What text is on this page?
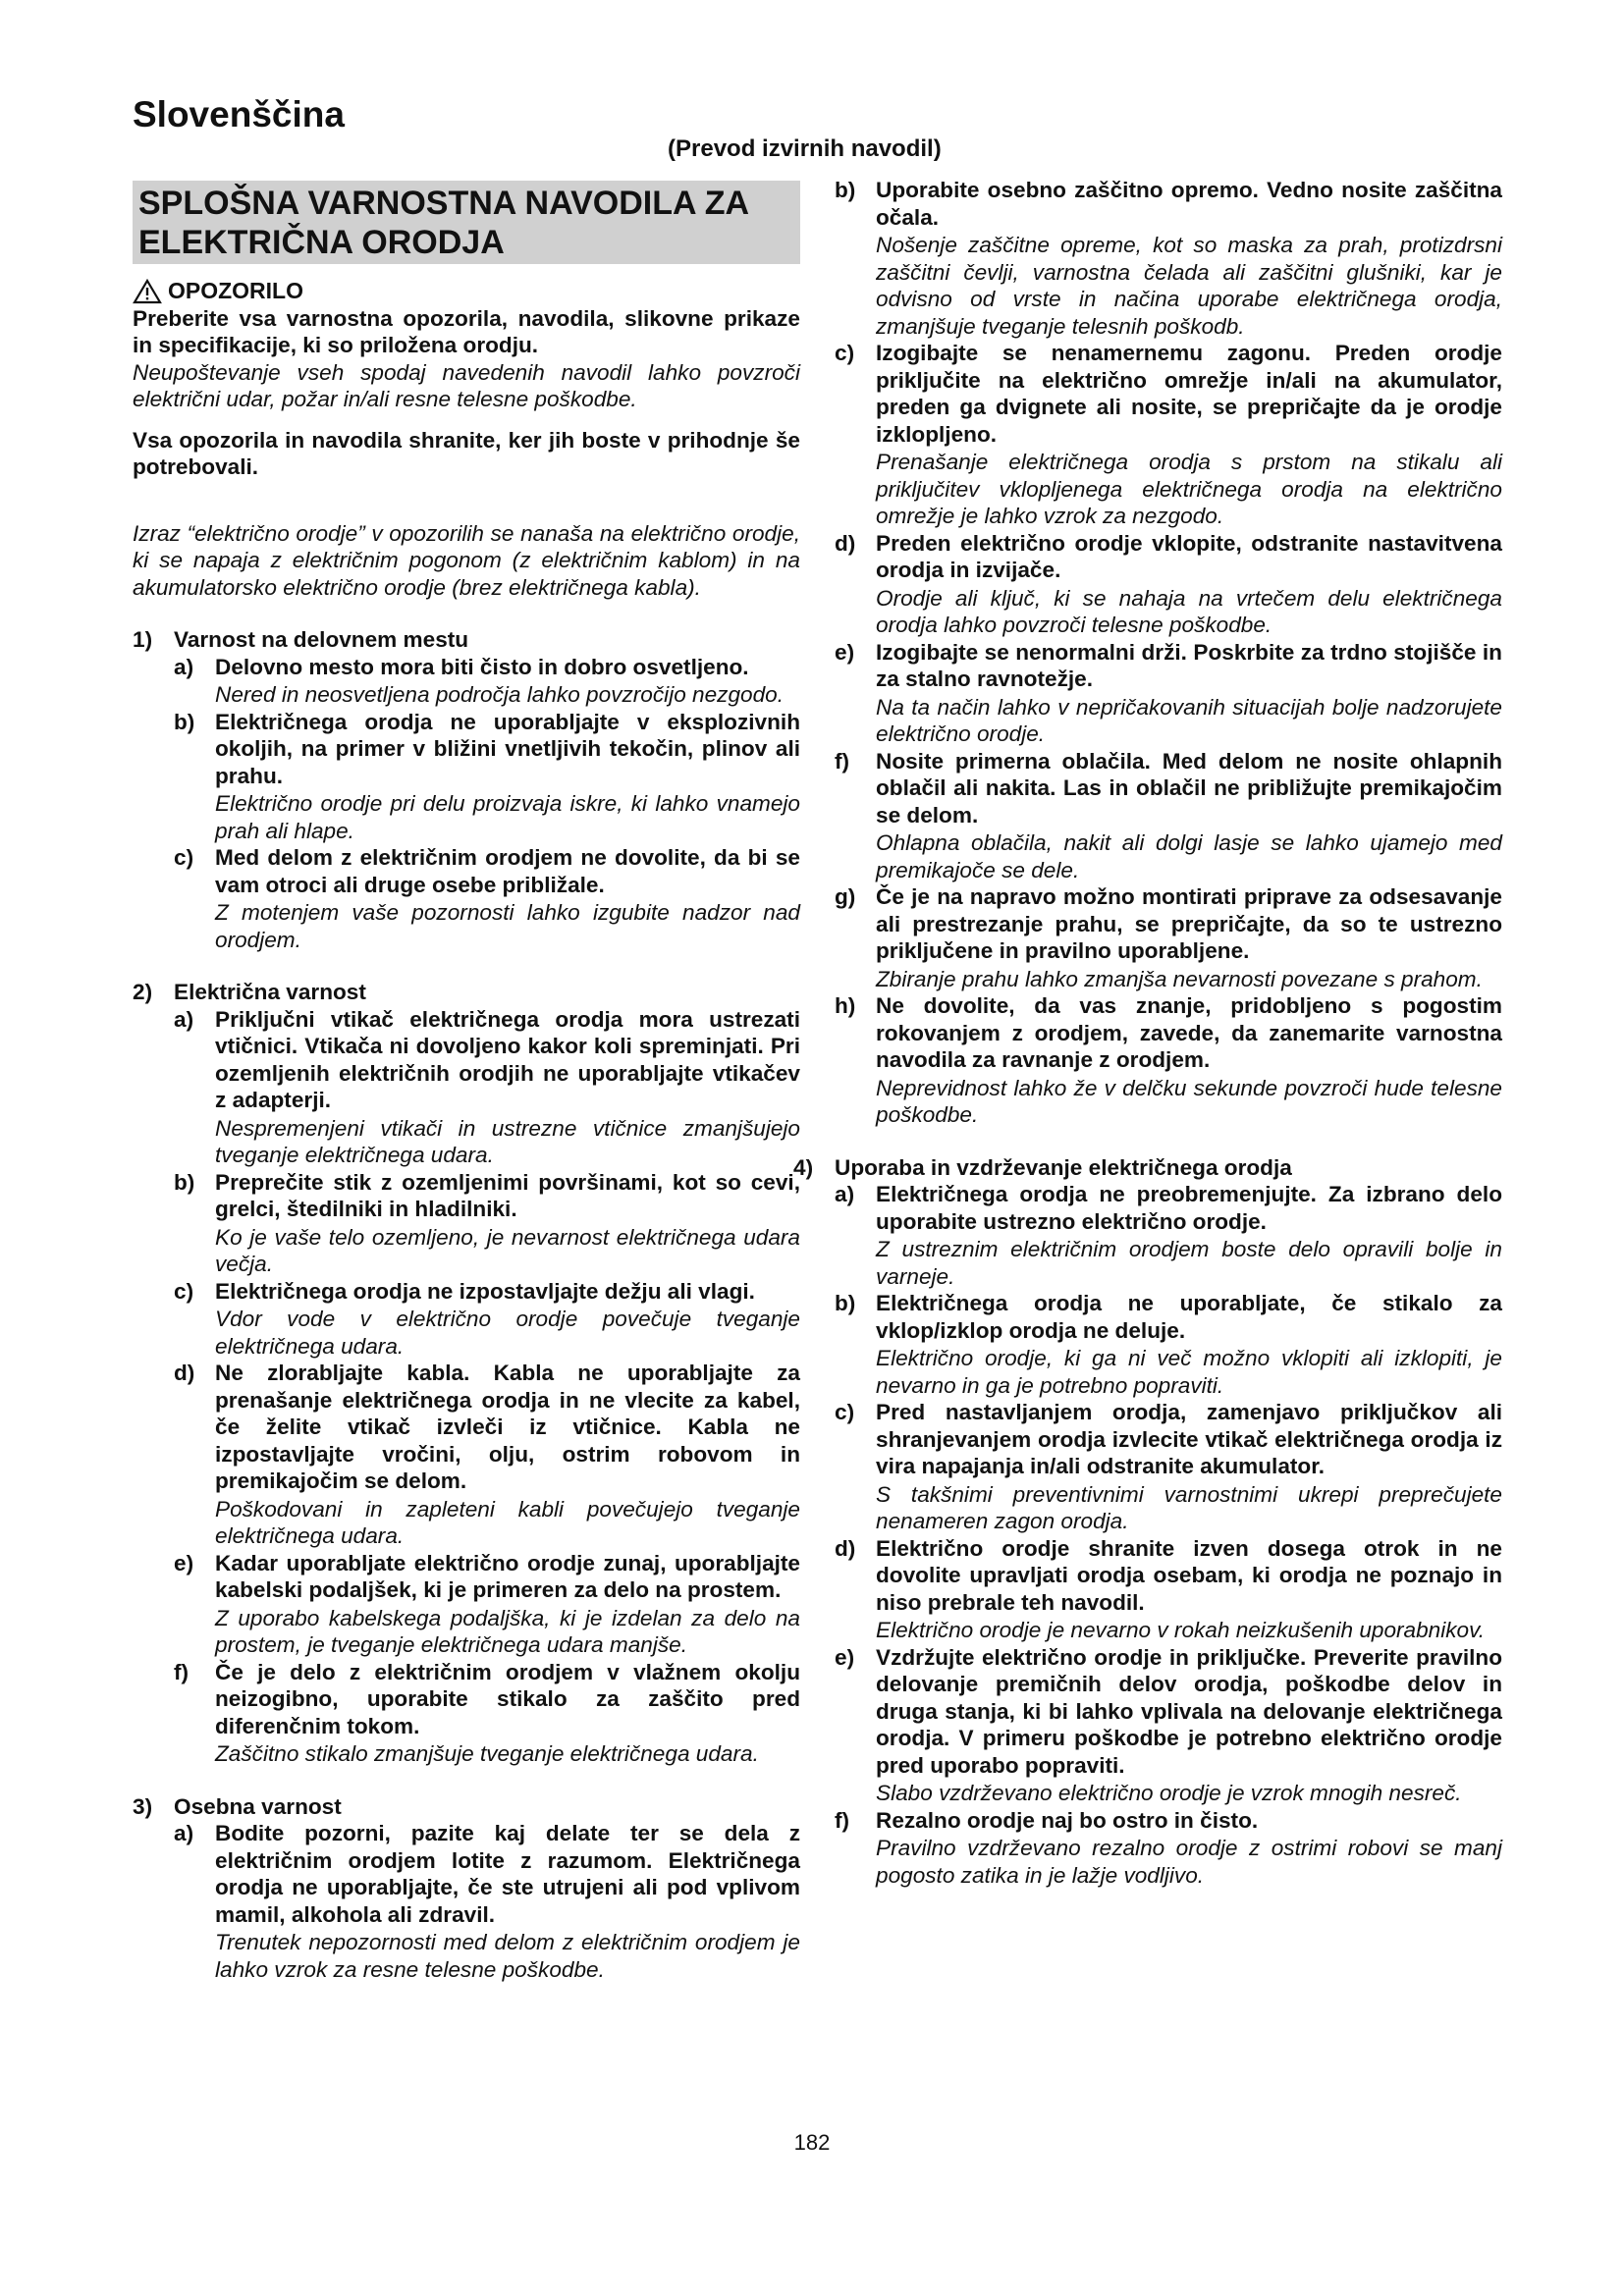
Slovenščina
(Prevod izvirnih navodil)
SPLOŠNA VARNOSTNA NAVODILA ZA ELEKTRIČNA ORODJA
OPOZORILO

Preberite vsa varnostna opozorila, navodila, slikovne prikaze in specifikacije, ki so priložena orodju.

Neupoštevanje vseh spodaj navedenih navodil lahko povzroči električni udar, požar in/ali resne telesne poškodbe.

Vsa opozorila in navodila shranite, ker jih boste v prihodnje še potrebovali.

Izraz “električno orodje” v opozorilih se nanaša na električno orodje, ki se napaja z električnim pogonom (z električnim kablom) in na akumulatorsko električno orodje (brez električnega kabla).

1) Varnost na delovnem mestu
a) Delovno mesto mora biti čisto in dobro osvetljeno.

Nered in neosvetljena področja lahko povzročijo nezgodo.

b) Električnega orodja ne uporabljajte v eksplozivnih okoljih, na primer v bližini vnetljivih tekočin, plinov ali prahu.

Električno orodje pri delu proizvaja iskre, ki lahko vnamejo prah ali hlape.

c) Med delom z električnim orodjem ne dovolite, da bi se vam otroci ali druge osebe približale.

Z motenjem vaše pozornosti lahko izgubite nadzor nad orodjem.

2) Električna varnost
a) Priključni vtikač električnega orodja mora ustrezati vtičnici. Vtikača ni dovoljeno kakor koli spreminjati. Pri ozemljenih električnih orodjih ne uporabljajte vtikačev z adapterji.

Nespremenjeni vtikači in ustrezne vtičnice zmanjšujejo tveganje električnega udara.

b) Preprečite stik z ozemljenimi površinami, kot so cevi, grelci, štedilniki in hladilniki.

Ko je vaše telo ozemljeno, je nevarnost električnega udara večja.

c) Električnega orodja ne izpostavljajte dežju ali vlagi.

Vdor vode v električno orodje povečuje tveganje električnega udara.

d) Ne zlorabljajte kabla. Kabla ne uporabljajte za prenašanje električnega orodja in ne vlecite za kabel, če želite vtikač izvleči iz vtičnice. Kabla ne izpostavljajte vročini, olju, ostrim robovom in premikajočim se delom.

Poškodovani in zapleteni kabli povečujejo tveganje električnega udara.

e) Kadar uporabljate električno orodje zunaj, uporabljajte kabelski podaljšek, ki je primeren za delo na prostem.

Z uporabo kabelskega podaljška, ki je izdelan za delo na prostem, je tveganje električnega udara manjše.

f)	Če je delo z električnim orodjem v vlažnem okolju neizogibno, uporabite stikalo za zaščito pred diferenčnim tokom.

Zaščitno stikalo zmanjšuje tveganje električnega udara.

3) Osebna varnost
a) Bodite pozorni, pazite kaj delate ter se dela z električnim orodjem lotite z razumom. Električnega orodja ne uporabljajte, če ste utrujeni ali pod vplivom mamil, alkohola ali zdravil.

Trenutek nepozornosti med delom z električnim orodjem je lahko vzrok za resne telesne poškodbe.

b) Uporabite osebno zaščitno opremo. Vedno nosite zaščitna očala.

Nošenje zaščitne opreme, kot so maska za prah, protizdrsni zaščitni čevlji, varnostna čelada ali zaščitni glušniki, kar je odvisno od vrste in načina uporabe električnega orodja, zmanjšuje tveganje telesnih poškodb.

c) Izogibajte se nenamernemu zagonu. Preden orodje priključite na električno omrežje in/ali na akumulator, preden ga dvignete ali nosite, se prepričajte da je orodje izklopljeno.

Prenašanje električnega orodja s prstom na stikalu ali priključitev vklopljenega električnega orodja na električno omrežje je lahko vzrok za nezgodo.

d) Preden električno orodje vklopite, odstranite nastavitvena orodja in izvijače.

Orodje ali ključ, ki se nahaja na vrtečem delu električnega orodja lahko povzroči telesne poškodbe.

e) Izogibajte se nenormalni drži. Poskrbite za trdno stojišče in za stalno ravnotežje.

Na ta način lahko v nepričakovanih situacijah bolje nadzorujete električno orodje.

f)	Nosite primerna oblačila. Med delom ne nosite ohlapnih oblačil ali nakita. Las in oblačil ne približujte premikajočim se delom.

Ohlapna oblačila, nakit ali dolgi lasje se lahko ujamejo med premikajoče se dele.

g) Če je na napravo možno montirati priprave za odsesavanje ali prestrezanje prahu, se prepričajte, da so te ustrezno priključene in pravilno uporabljene.

Zbiranje prahu lahko zmanjša nevarnosti povezane s prahom.

h) Ne dovolite, da vas znanje, pridobljeno s pogostim rokovanjem z orodjem, zavede, da zanemarite varnostna navodila za ravnanje z orodjem.

Neprevidnost lahko že v delčku sekunde povzroči hude telesne poškodbe.

4) Uporaba in vzdrževanje električnega orodja
a) Električnega orodja ne preobremenjujte. Za izbrano delo uporabite ustrezno električno orodje.

Z ustreznim električnim orodjem boste delo opravili bolje in varneje.

b) Električnega orodja ne uporabljate, če stikalo za vklop/izklop orodja ne deluje.

Električno orodje, ki ga ni več možno vklopiti ali izklopiti, je nevarno in ga je potrebno popraviti.

c) Pred nastavljanjem orodja, zamenjavo priključkov ali shranjevanjem orodja izvlecite vtikač električnega orodja iz vira napajanja in/ali odstranite akumulator.

S takšnimi preventivnimi varnostnimi ukrepi preprečujete nenameren zagon orodja.

d) Električno orodje shranite izven dosega otrok in ne dovolite upravljati orodja osebam, ki orodja ne poznajo in niso prebrale teh navodil.

Električno orodje je nevarno v rokah neizkušenih uporabnikov.

e) Vzdržujte električno orodje in priključke. Preverite pravilno delovanje premičnih delov orodja, poškodbe delov in druga stanja, ki bi lahko vplivala na delovanje električnega orodja. V primeru poškodbe je potrebno električno orodje pred uporabo popraviti.

Slabo vzdrževano električno orodje je vzrok mnogih nesreč.

f)	Rezalno orodje naj bo ostro in čisto.

Pravilno vzdrževano rezalno orodje z ostrimi robovi se manj pogosto zatika in je lažje vodljivo.

182
